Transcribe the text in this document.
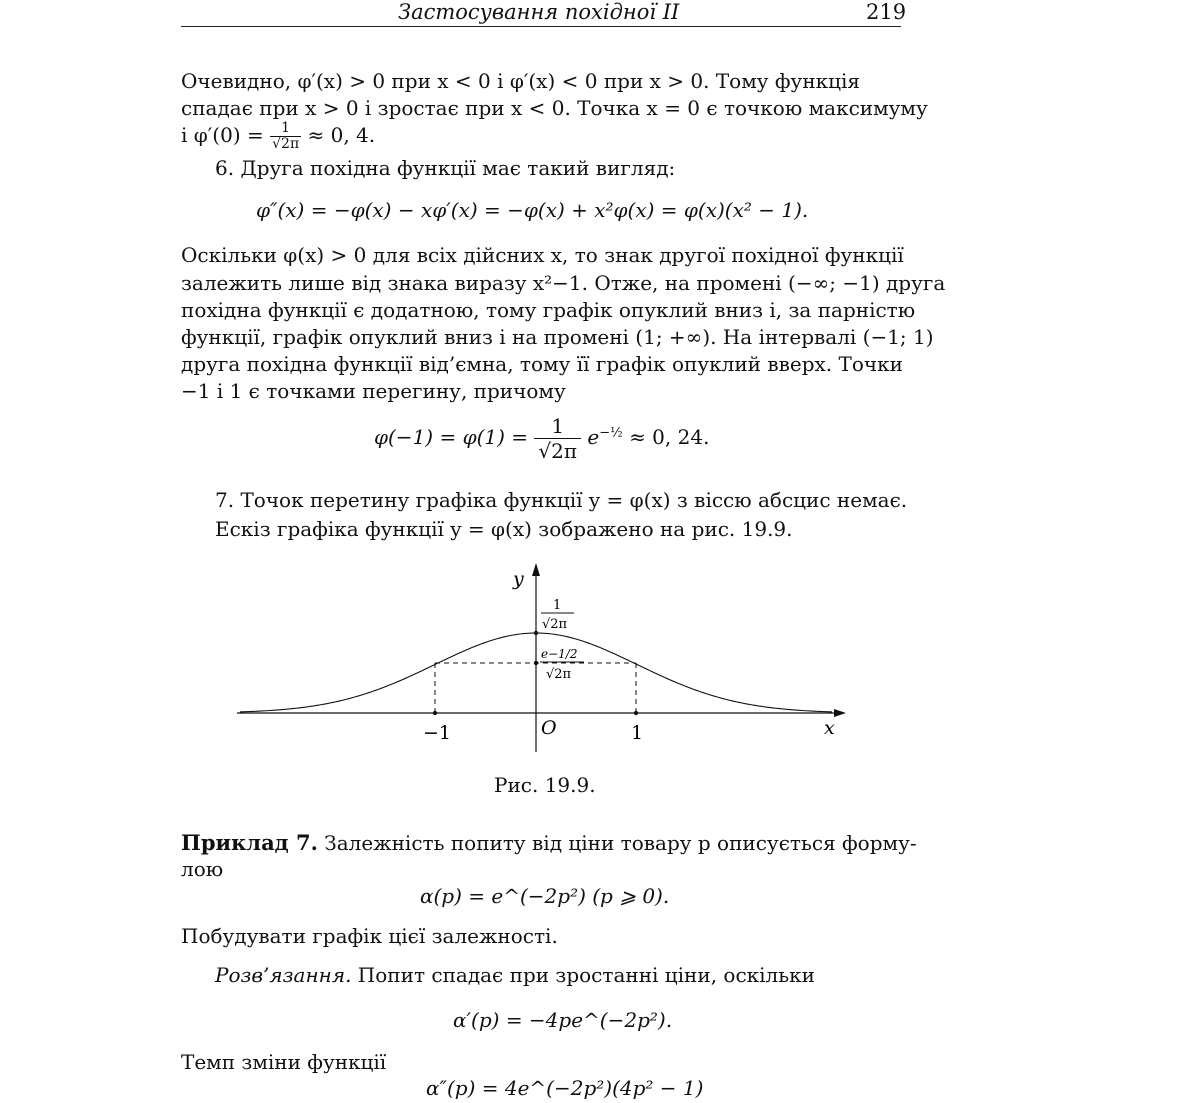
Застосування похідної II	219
Очевидно, φ′(x) > 0 при x < 0 і φ′(x) < 0 при x > 0. Тому функція
спадає при x > 0 і зростає при x < 0. Точка x = 0 є точкою максимуму
і $\varphi'(0) = \frac{1}{√2\pi} \approx 0$, 4.
6. Друга похідна функції має такий вигляд:
φ″(x) = −φ(x) − xφ′(x) = −φ(x) + x²φ(x) = φ(x)(x² − 1).
Оскільки φ(x) > 0 для всіх дійсних x, то знак другої похідної функції
залежить лише від знака виразу x²−1. Отже, на промені (−∞; −1) друга
похідна функції є додатною, тому графік опуклий вниз і, за парністю
функції, графік опуклий вниз і на промені (1; +∞). На інтервалі (−1; 1)
друга похідна функції від’ємна, тому її графік опуклий вверх. Точки
−1 і 1 є точками перегину, причому
$\varphi(-1) = \varphi(1) = \frac{1}{√2\pi} e^{-\frac{1}{2}} \approx 0$, 24.
7. Точок перетину графіка функції y = φ(x) з віссю абсцис немає.
Ескіз графіка функції y = φ(x) зображено на рис. 19.9.
y
x
O
−1	1
1
√2π
e−1/2
√2π
Рис. 19.9.
Приклад 7. Залежність попиту від ціни товару p описується форму-
лою
α(p) = e^(−2p²) (p ⩾ 0).
Побудувати графік цієї залежності.
Розв’язання. Попит спадає при зростанні ціни, оскільки
α′(p) = −4pe^(−2p²).
Темп зміни функції
α″(p) = 4e^(−2p²)(4p² − 1)
